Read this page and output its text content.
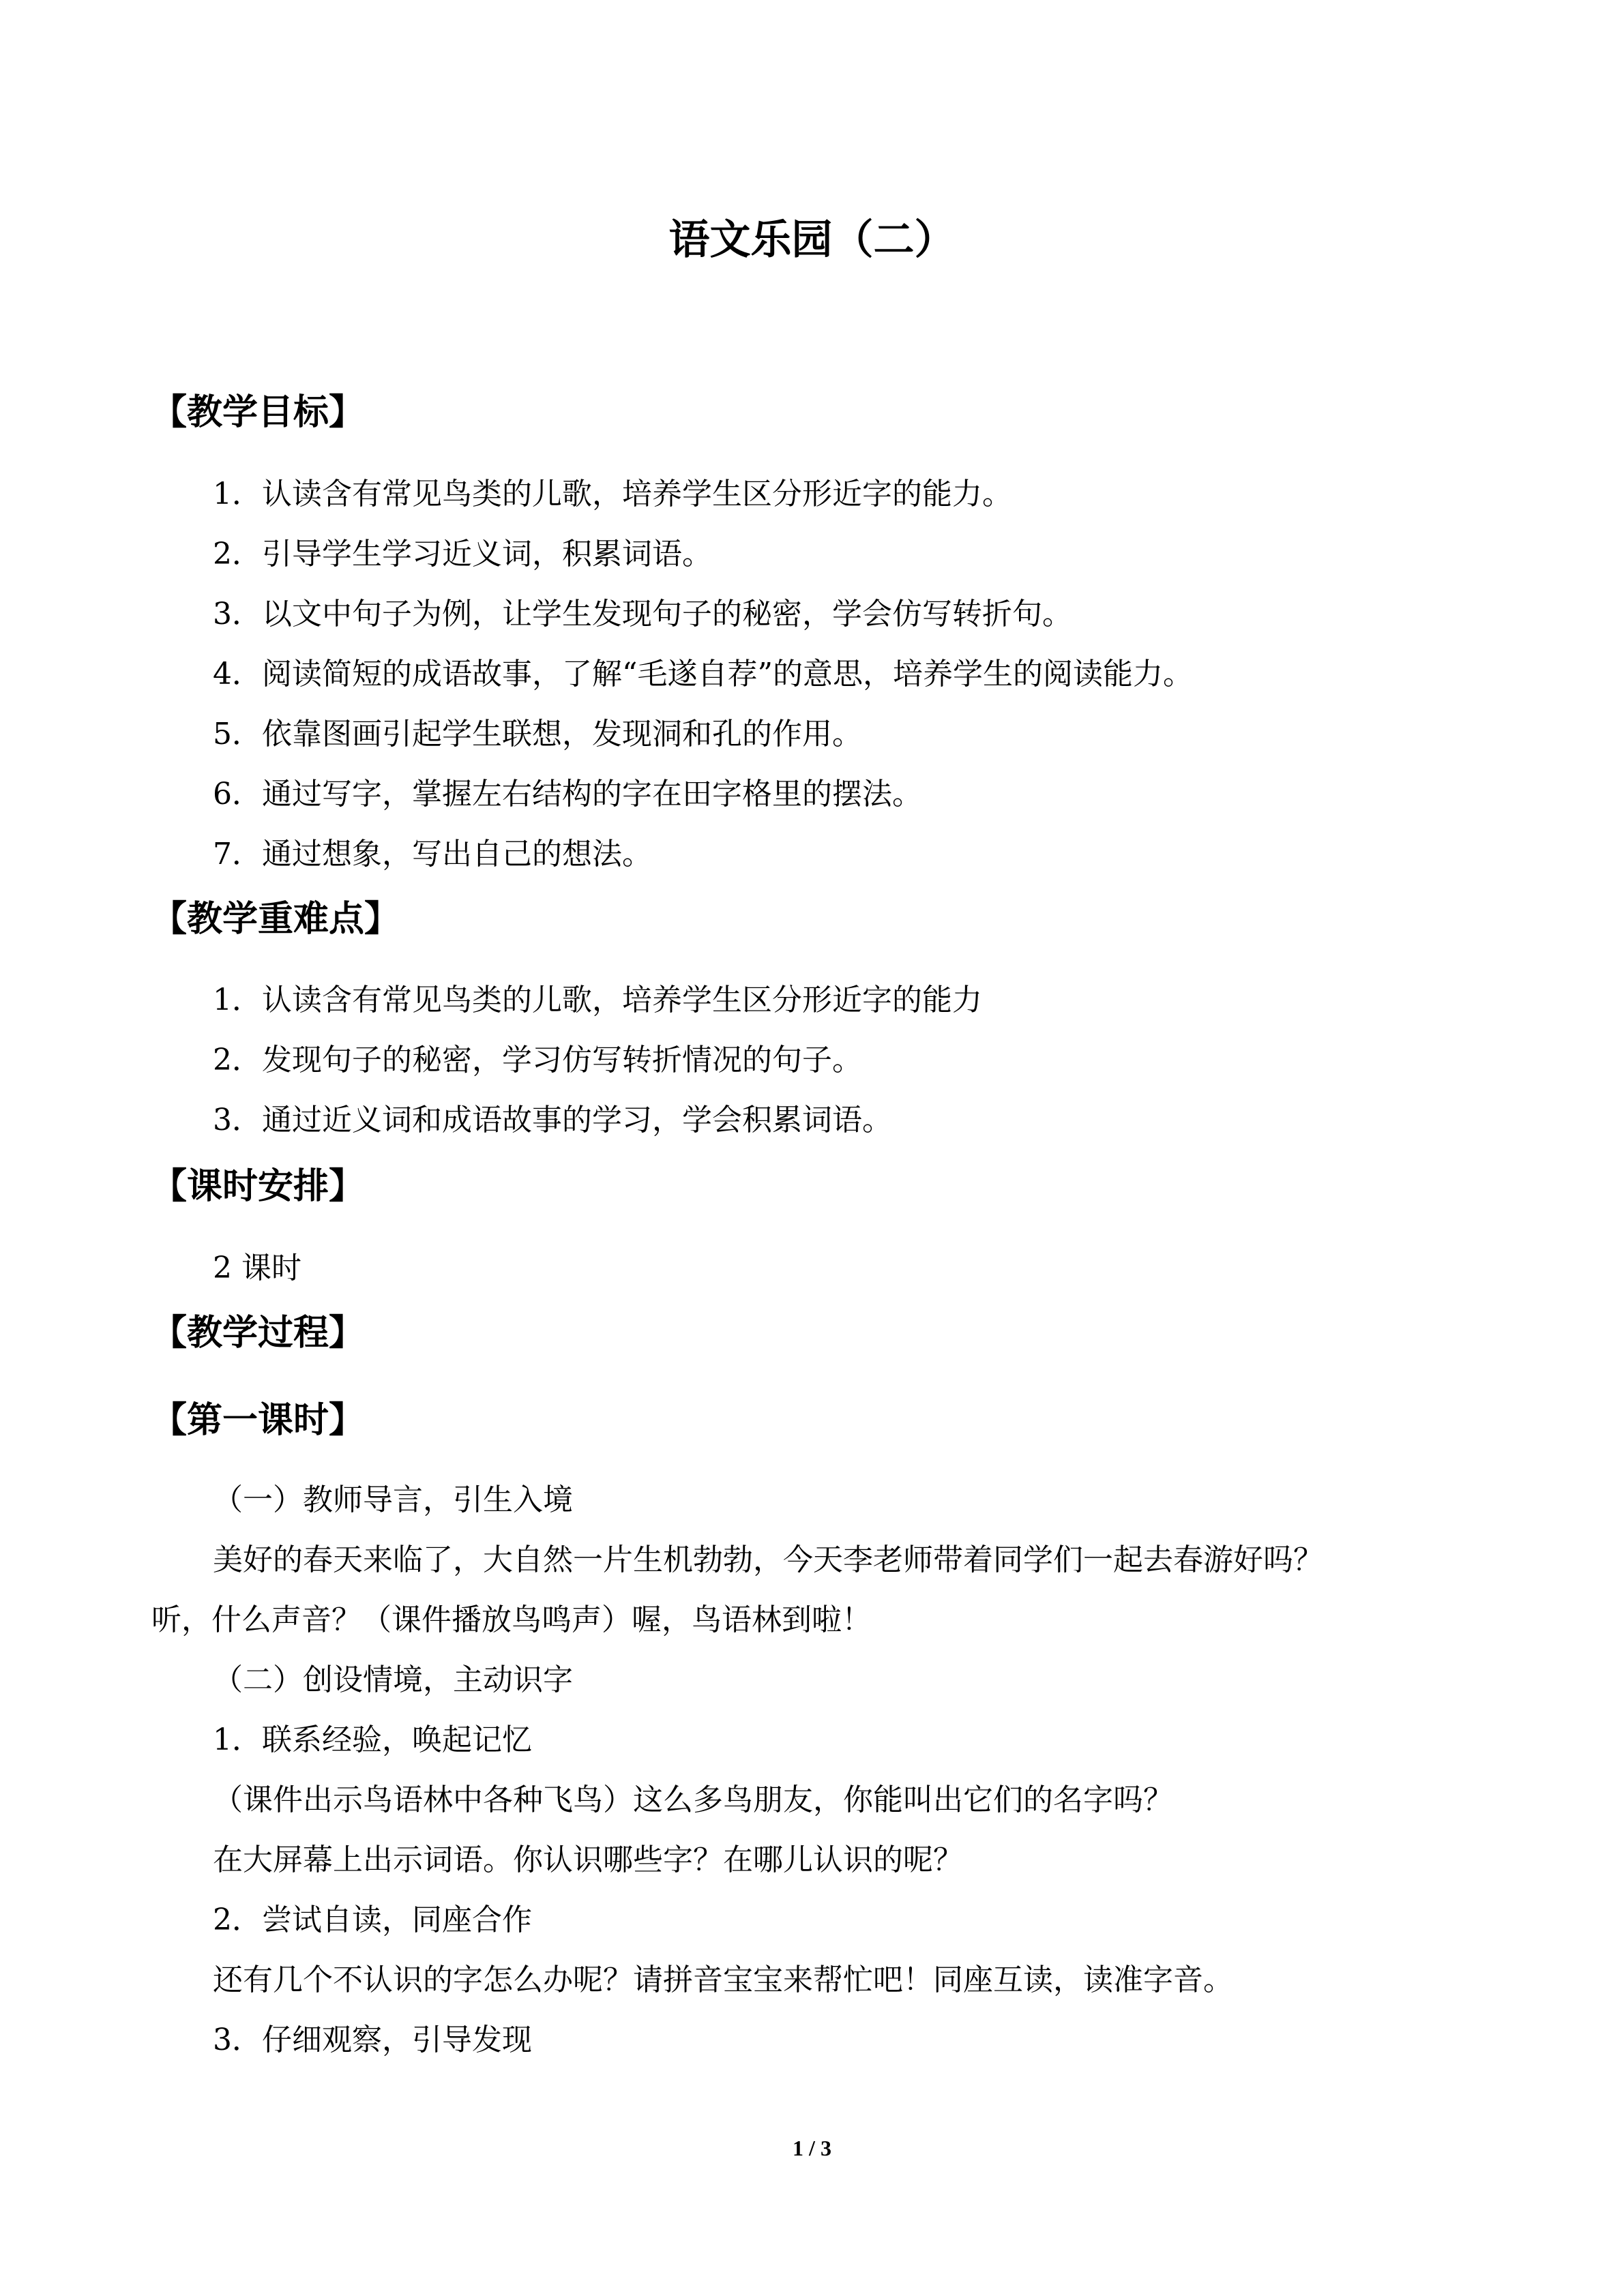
语文乐园（二）
【教学目标】
1．认读含有常见鸟类的儿歌，培养学生区分形近字的能力。
2．引导学生学习近义词，积累词语。
3．以文中句子为例，让学生发现句子的秘密，学会仿写转折句。
4．阅读简短的成语故事，了解“毛遂自荐”的意思，培养学生的阅读能力。
5．依靠图画引起学生联想，发现洞和孔的作用。
6．通过写字，掌握左右结构的字在田字格里的摆法。
7．通过想象，写出自己的想法。
【教学重难点】
1．认读含有常见鸟类的儿歌，培养学生区分形近字的能力
2．发现句子的秘密，学习仿写转折情况的句子。
3．通过近义词和成语故事的学习，学会积累词语。
【课时安排】
2 课时
【教学过程】
【第一课时】
（一）教师导言，引生入境
美好的春天来临了，大自然一片生机勃勃，今天李老师带着同学们一起去春游好吗？
听，什么声音？（课件播放鸟鸣声）喔，鸟语林到啦！
（二）创设情境，主动识字
1．联系经验，唤起记忆
（课件出示鸟语林中各种飞鸟）这么多鸟朋友，你能叫出它们的名字吗？
在大屏幕上出示词语。你认识哪些字？在哪儿认识的呢？
2．尝试自读，同座合作
还有几个不认识的字怎么办呢？请拼音宝宝来帮忙吧！同座互读，读准字音。
3．仔细观察，引导发现
1 / 3
